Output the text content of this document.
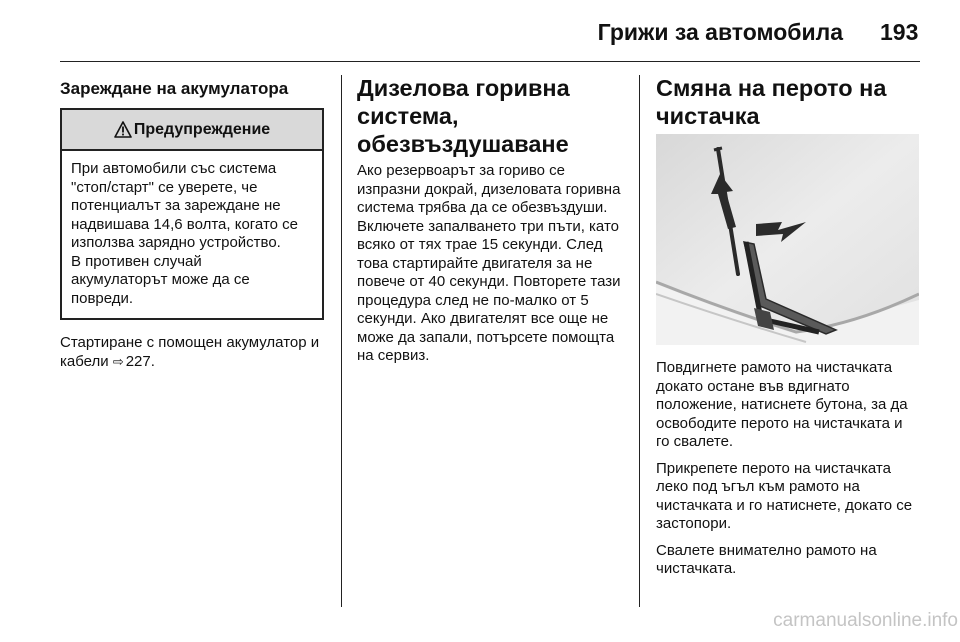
Грижи за автомобила 193
Зареждане на акумулатора
Предупреждение
При автомобили със система
"стоп/старт" се уверете, че
потенциалът за зареждане не
надвишава 14,6 волта, когато се
използва зарядно устройство.
В противен случай
акумулаторът може да се
повреди.

Стартиране с помощен акумулатор и кабели ⇨ 227.

Дизелова горивна система, обезвъздушаване

Ако резервоарът за гориво се изпразни докрай, дизеловата горивна система трябва да се обезвъздуши. Включете запалването три пъти, като всяко от тях трае 15 секунди. След това стартирайте двигателя за не повече от 40 секунди. Повторете тази процедура след не по-малко от 5 секунди. Ако двигателят все още не може да запали, потърсете помощта на сервиз.

Смяна на перото на чистачка

Повдигнете рамото на чистачката докато остане във вдигнато положение, натиснете бутона, за да освободите перото на чистачката и го свалете.

Прикрепете перото на чистачката леко под ъгъл към рамото на чистачката и го натиснете, докато се застопори.

Свалете внимателно рамото на чистачката.

carmanualsonline.info
